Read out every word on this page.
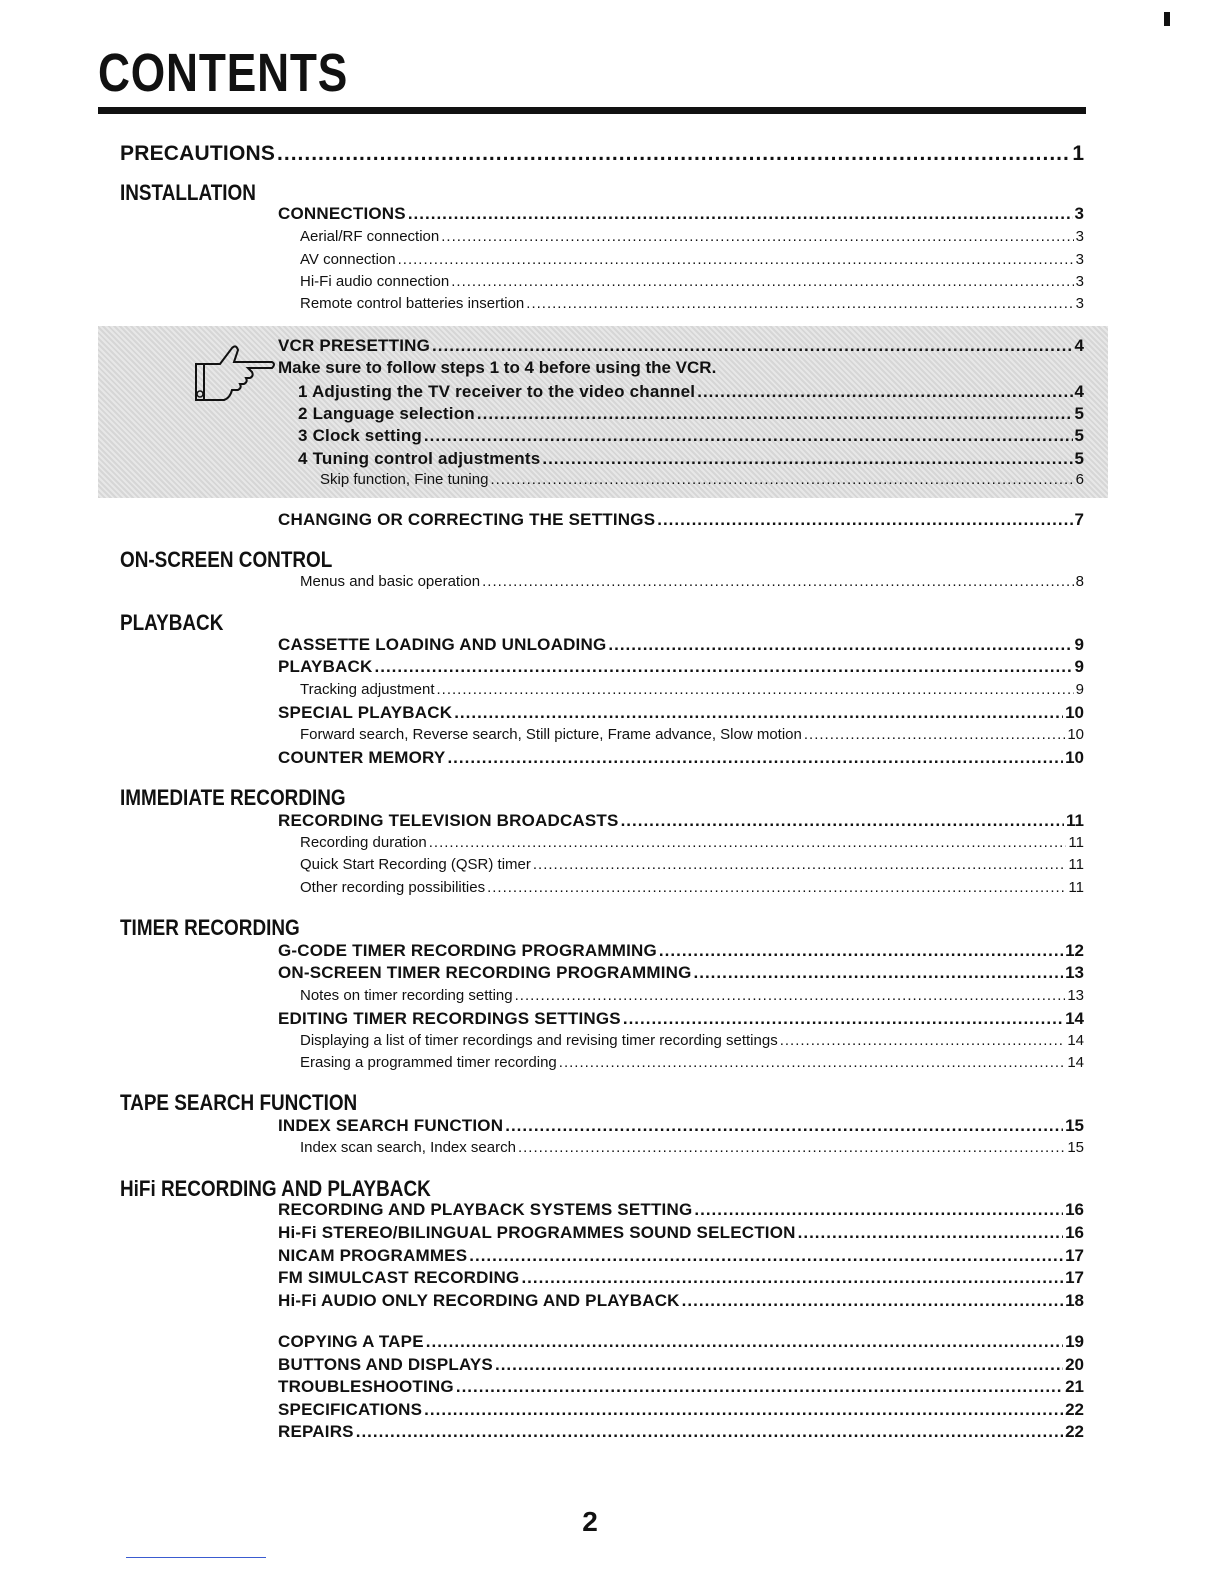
CONTENTS
Make sure to follow steps 1 to 4 before using the VCR.
PRECAUTIONS .....	1
INSTALLATION
CONNECTIONS .....	3
Aerial/RF connection .....	3
AV connection .....	3
Hi-Fi audio connection .....	3
Remote control batteries insertion .....	3
VCR PRESETTING .....	4
1 Adjusting the TV receiver to the video channel .....	4
2 Language selection .....	5
3 Clock setting .....	5
4 Tuning control adjustments .....	5
Skip function, Fine tuning .....	6
CHANGING OR CORRECTING THE SETTINGS .....	7
ON-SCREEN CONTROL
Menus and basic operation .....	8
PLAYBACK
CASSETTE LOADING AND UNLOADING .....	9
PLAYBACK .....	9
Tracking adjustment .....	9
SPECIAL PLAYBACK .....	10
Forward search, Reverse search, Still picture, Frame advance, Slow motion .....	10
COUNTER MEMORY .....	10
IMMEDIATE RECORDING
RECORDING TELEVISION BROADCASTS .....	11
Recording duration .....	11
Quick Start Recording (QSR) timer .....	11
Other recording possibilities .....	11
TIMER RECORDING
G-CODE TIMER RECORDING PROGRAMMING .....	12
ON-SCREEN TIMER RECORDING PROGRAMMING .....	13
Notes on timer recording setting .....	13
EDITING TIMER RECORDINGS SETTINGS .....	14
Displaying a list of timer recordings and revising timer recording settings .....	14
Erasing a programmed timer recording .....	14
TAPE SEARCH FUNCTION
INDEX SEARCH FUNCTION .....	15
Index scan search, Index search .....	15
HiFi RECORDING AND PLAYBACK
RECORDING AND PLAYBACK SYSTEMS SETTING .....	16
Hi-Fi STEREO/BILINGUAL PROGRAMMES SOUND SELECTION .....	16
NICAM PROGRAMMES .....	17
FM SIMULCAST RECORDING .....	17
Hi-Fi AUDIO ONLY RECORDING AND PLAYBACK .....	18
COPYING A TAPE .....	19
BUTTONS AND DISPLAYS .....	20
TROUBLESHOOTING .....	21
SPECIFICATIONS .....	22
REPAIRS .....	22
2
